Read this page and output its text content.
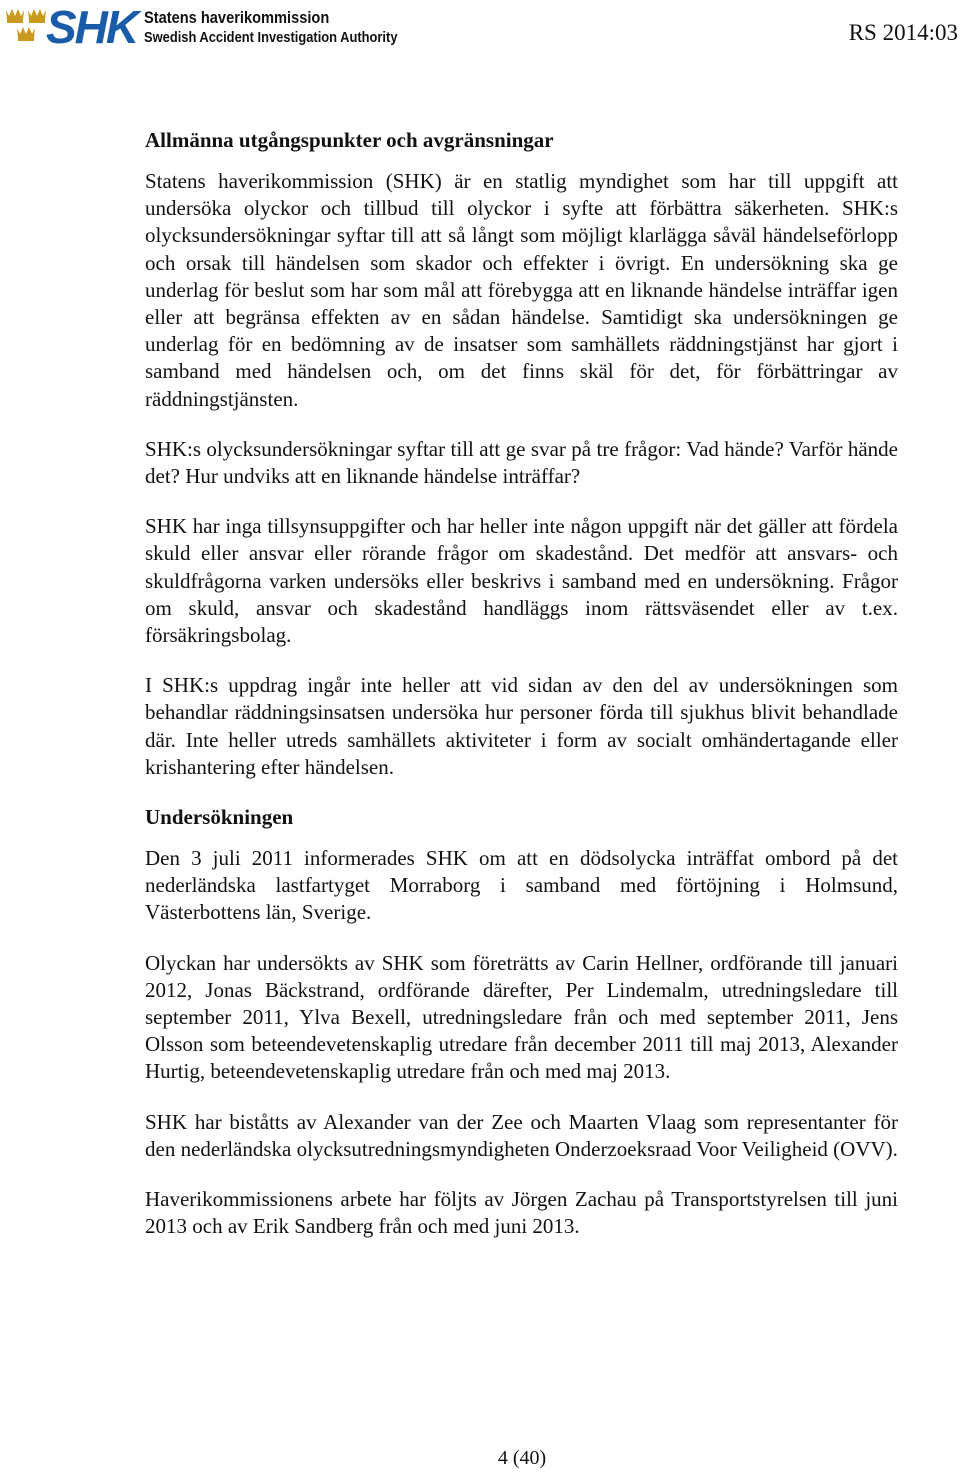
SHK Statens haverikommission
Swedish Accident Investigation Authority	RS 2014:03
Allmänna utgångspunkter och avgränsningar

Statens haverikommission (SHK) är en statlig myndighet som har till uppgift att undersöka olyckor och tillbud till olyckor i syfte att förbättra säkerheten. SHK:s olycksundersökningar syftar till att så långt som möjligt klarlägga såväl händelseförlopp och orsak till händelsen som skador och effekter i övrigt. En undersökning ska ge underlag för beslut som har som mål att förebygga att en liknande händelse inträffar igen eller att begränsa effekten av en sådan händelse. Samtidigt ska undersökningen ge underlag för en bedömning av de insatser som samhällets räddningstjänst har gjort i samband med händelsen och, om det finns skäl för det, för förbättringar av räddningstjänsten.

SHK:s olycksundersökningar syftar till att ge svar på tre frågor: Vad hände? Varför hände det? Hur undviks att en liknande händelse inträffar?

SHK har inga tillsynsuppgifter och har heller inte någon uppgift när det gäller att fördela skuld eller ansvar eller rörande frågor om skadestånd. Det medför att ansvars- och skuldfrågorna varken undersöks eller beskrivs i samband med en undersökning. Frågor om skuld, ansvar och skadestånd handläggs inom rättsväsendet eller av t.ex. försäkringsbolag.

I SHK:s uppdrag ingår inte heller att vid sidan av den del av undersökningen som behandlar räddningsinsatsen undersöka hur personer förda till sjukhus blivit behandlade där. Inte heller utreds samhällets aktiviteter i form av socialt omhändertagande eller krishantering efter händelsen.

Undersökningen

Den 3 juli 2011 informerades SHK om att en dödsolycka inträffat ombord på det nederländska lastfartyget Morraborg i samband med förtöjning i Holmsund, Västerbottens län, Sverige.

Olyckan har undersökts av SHK som företrätts av Carin Hellner, ordförande till januari 2012, Jonas Bäckstrand, ordförande därefter, Per Lindemalm, utredningsledare till september 2011, Ylva Bexell, utredningsledare från och med september 2011, Jens Olsson som beteendevetenskaplig utredare från december 2011 till maj 2013, Alexander Hurtig, beteendevetenskaplig utredare från och med maj 2013.

SHK har biståtts av Alexander van der Zee och Maarten Vlaag som representanter för den nederländska olycksutredningsmyndigheten Onderzoeksraad Voor Veiligheid (OVV).

Haverikommissionens arbete har följts av Jörgen Zachau på Transportstyrelsen till juni 2013 och av Erik Sandberg från och med juni 2013.

4 (40)
